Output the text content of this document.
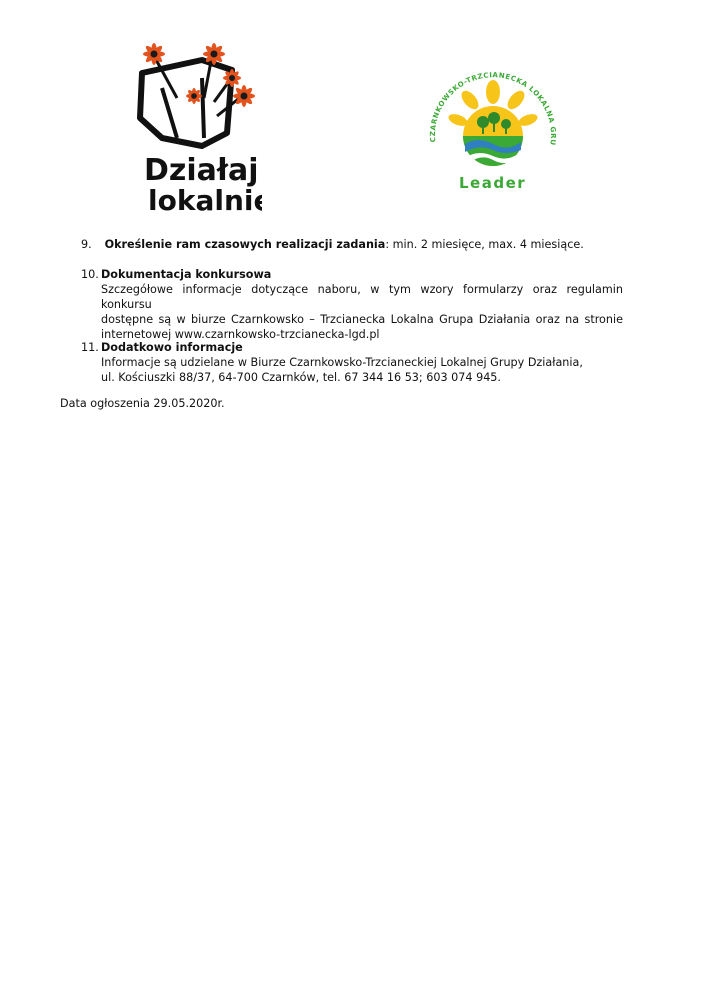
Działaj
lokalnie
CZARNKOWSKO-TRZCIANECKA LOKALNA GRU
Leader
9. Określenie ram czasowych realizacji zadania: min. 2 miesięce, max. 4 miesiące.
10. Dokumentacja konkursowa
Szczegółowe informacje dotyczące naboru, w tym wzory formularzy oraz regulamin konkursu
dostępne są w biurze Czarnkowsko – Trzcianecka Lokalna Grupa Działania oraz na stronie
internetowej www.czarnkowsko-trzcianecka-lgd.pl
11. Dodatkowo informacje
Informacje są udzielane w Biurze Czarnkowsko-Trzcianeckiej Lokalnej Grupy Działania,
ul. Kościuszki 88/37, 64-700 Czarnków, tel. 67 344 16 53; 603 074 945.
Data ogłoszenia 29.05.2020r.
